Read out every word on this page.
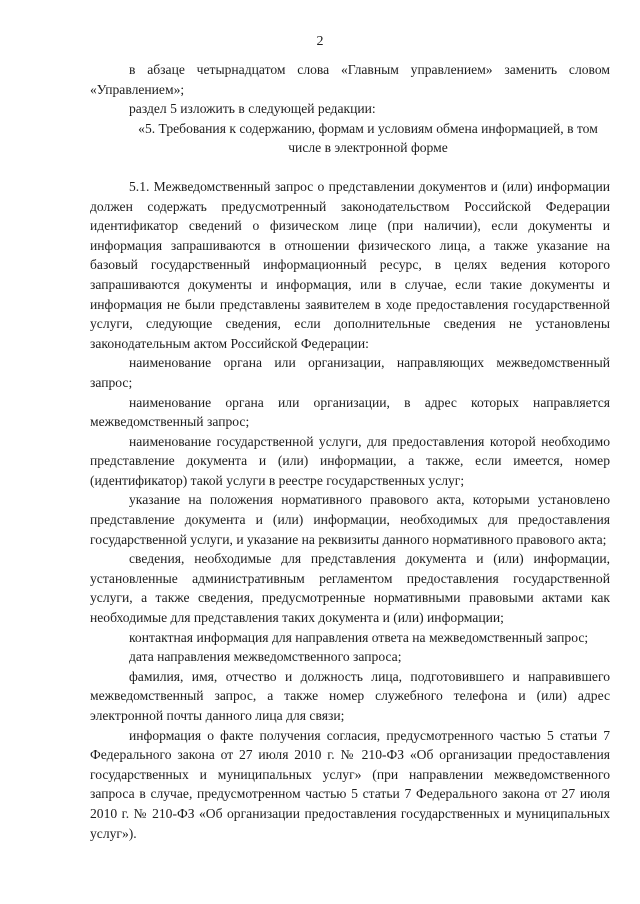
2

в абзаце четырнадцатом слова «Главным управлением» заменить словом «Управлением»;

раздел 5 изложить в следующей редакции:

«5. Требования к содержанию, формам и условиям обмена информацией, в том числе в электронной форме

5.1. Межведомственный запрос о представлении документов и (или) информации должен содержать предусмотренный законодательством Российской Федерации идентификатор сведений о физическом лице (при наличии), если документы и информация запрашиваются в отношении физического лица, а также указание на базовый государственный информационный ресурс, в целях ведения которого запрашиваются документы и информация, или в случае, если такие документы и информация не были представлены заявителем в ходе предоставления государственной услуги, следующие сведения, если дополнительные сведения не установлены законодательным актом Российской Федерации:

наименование органа или организации, направляющих межведомственный запрос;

наименование органа или организации, в адрес которых направляется межведомственный запрос;

наименование государственной услуги, для предоставления которой необходимо представление документа и (или) информации, а также, если имеется, номер (идентификатор) такой услуги в реестре государственных услуг;

указание на положения нормативного правового акта, которыми установлено представление документа и (или) информации, необходимых для предоставления государственной услуги, и указание на реквизиты данного нормативного правового акта;

сведения, необходимые для представления документа и (или) информации, установленные административным регламентом предоставления государственной услуги, а также сведения, предусмотренные нормативными правовыми актами как необходимые для представления таких документа и (или) информации;

контактная информация для направления ответа на межведомственный запрос;

дата направления межведомственного запроса;

фамилия, имя, отчество и должность лица, подготовившего и направившего межведомственный запрос, а также номер служебного телефона и (или) адрес электронной почты данного лица для связи;

информация о факте получения согласия, предусмотренного частью 5 статьи 7 Федерального закона от 27 июля 2010 г. № 210-ФЗ «Об организации предоставления государственных и муниципальных услуг» (при направлении межведомственного запроса в случае, предусмотренном частью 5 статьи 7 Федерального закона от 27 июля 2010 г. № 210-ФЗ «Об организации предоставления государственных и муниципальных услуг»).
